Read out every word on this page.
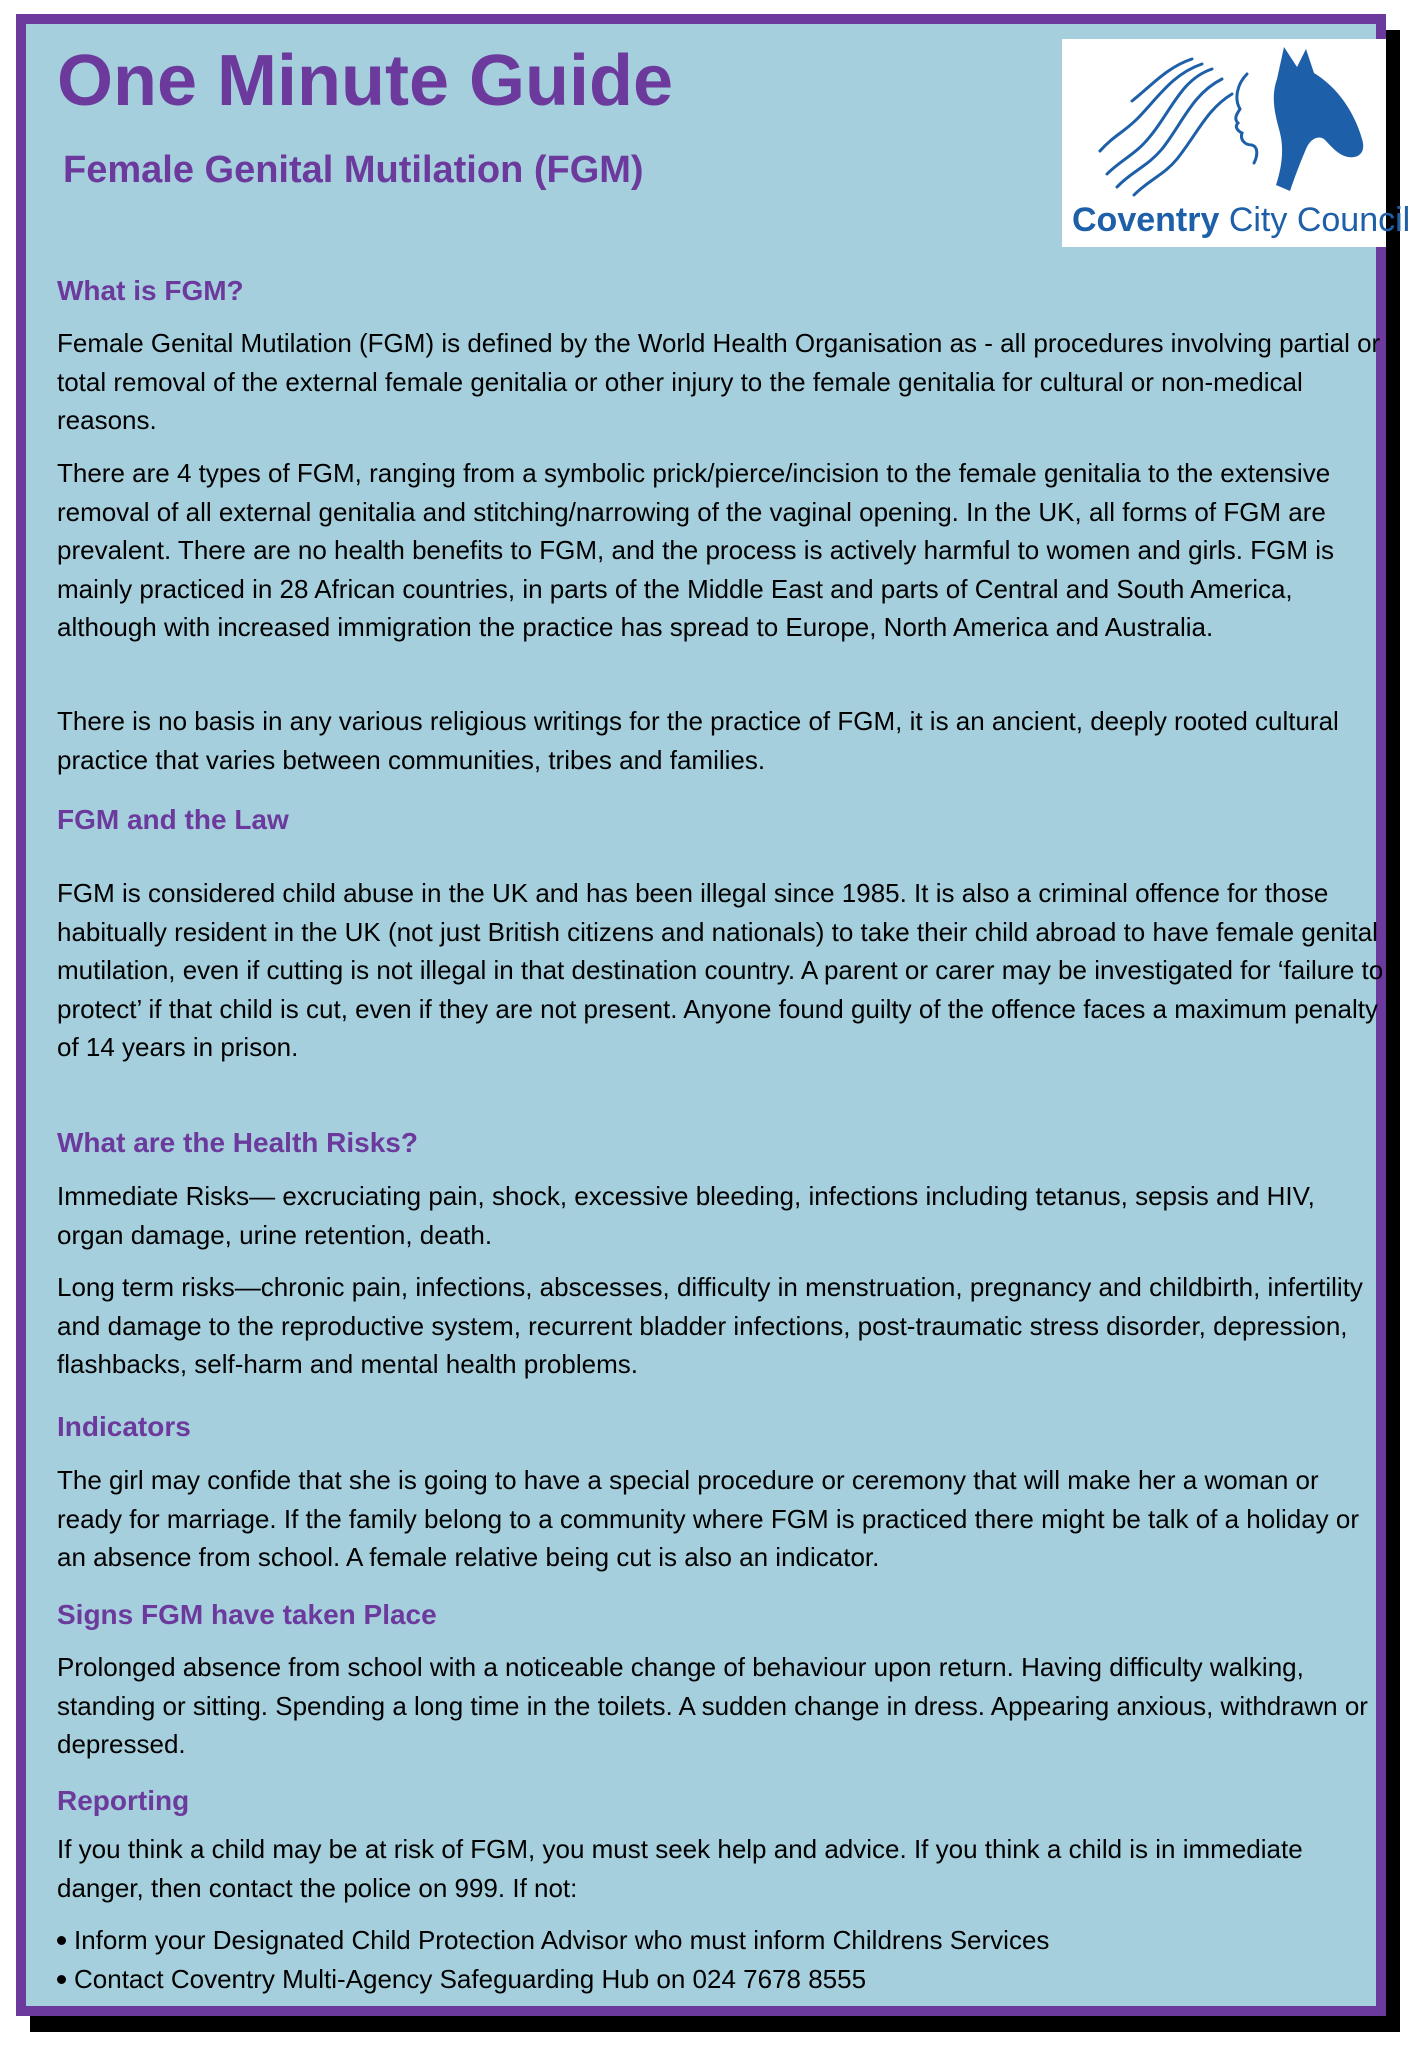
One Minute Guide
Female Genital Mutilation (FGM)
Coventry City Council
What is FGM?

Female Genital Mutilation (FGM) is defined by the World Health Organisation as - all procedures involving partial or total removal of the external female genitalia or other injury to the female genitalia for cultural or non-medical reasons.

There are 4 types of FGM, ranging from a symbolic prick/pierce/incision to the female genitalia to the extensive removal of all external genitalia and stitching/narrowing of the vaginal opening. In the UK, all forms of FGM are prevalent. There are no health benefits to FGM, and the process is actively harmful to women and girls. FGM is mainly practiced in 28 African countries, in parts of the Middle East and parts of Central and South America, although with increased immigration the practice has spread to Europe, North America and Australia.

There is no basis in any various religious writings for the practice of FGM, it is an ancient, deeply rooted cultural practice that varies between communities, tribes and families.

FGM and the Law

FGM is considered child abuse in the UK and has been illegal since 1985. It is also a criminal offence for those habitually resident in the UK (not just British citizens and nationals) to take their child abroad to have female genital mutilation, even if cutting is not illegal in that destination country. A parent or carer may be investigated for ‘failure to protect’ if that child is cut, even if they are not present. Anyone found guilty of the offence faces a maximum penalty of 14 years in prison.

What are the Health Risks?

Immediate Risks— excruciating pain, shock, excessive bleeding, infections including tetanus, sepsis and HIV, organ damage, urine retention, death.

Long term risks—chronic pain, infections, abscesses, difficulty in menstruation, pregnancy and childbirth, infertility and damage to the reproductive system, recurrent bladder infections, post-traumatic stress disorder, depression, flashbacks, self-harm and mental health problems.

Indicators

The girl may confide that she is going to have a special procedure or ceremony that will make her a woman or ready for marriage. If the family belong to a community where FGM is practiced there might be talk of a holiday or an absence from school. A female relative being cut is also an indicator.

Signs FGM have taken Place

Prolonged absence from school with a noticeable change of behaviour upon return. Having difficulty walking, standing or sitting. Spending a long time in the toilets. A sudden change in dress. Appearing anxious, withdrawn or depressed.

Reporting

If you think a child may be at risk of FGM, you must seek help and advice. If you think a child is in immediate danger, then contact the police on 999. If not:

Inform your Designated Child Protection Advisor who must inform Childrens Services
Contact Coventry Multi-Agency Safeguarding Hub on 024 7678 8555
